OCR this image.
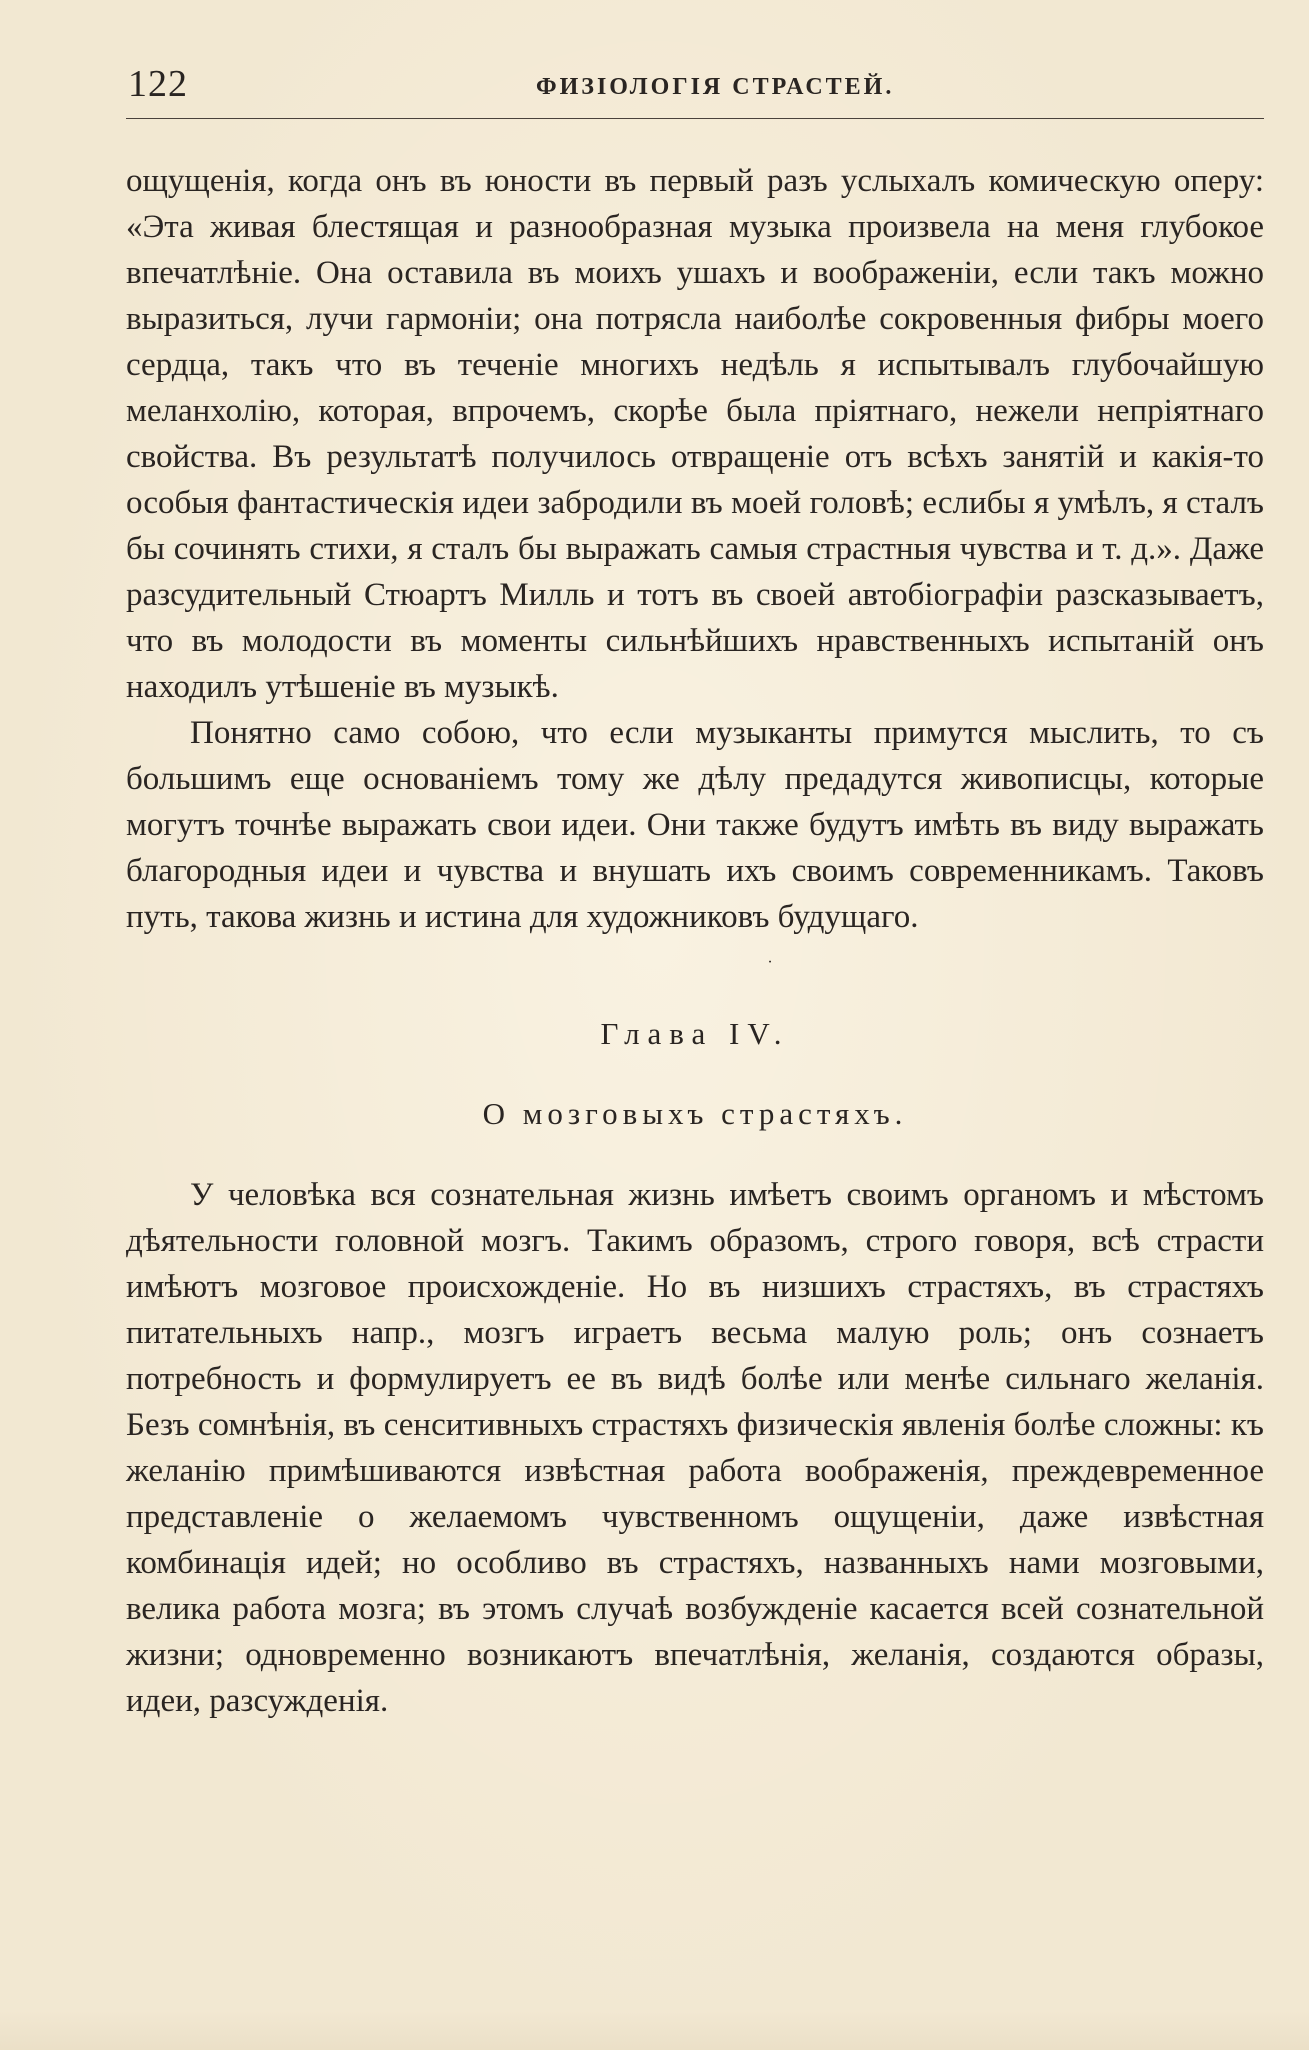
122	ФИЗІОЛОГІЯ СТРАСТЕЙ.

ощущенія, когда онъ въ юности въ первый разъ услыхалъ комическую оперу: «Эта живая блестящая и разнообразная музыка произвела на меня глубокое впечатлѣніе. Она оставила въ моихъ ушахъ и воображеніи, если такъ можно выразиться, лучи гармоніи; она потрясла наиболѣе сокровенныя фибры моего сердца, такъ что въ теченіе многихъ недѣль я испытывалъ глубочайшую меланхолію, которая, впрочемъ, скорѣе была пріятнаго, нежели непріятнаго свойства. Въ результатѣ получилось отвращеніе отъ всѣхъ занятій и какія-то особыя фантастическія идеи забродили въ моей головѣ; еслибы я умѣлъ, я сталъ бы сочинять стихи, я сталъ бы выражать самыя страстныя чувства и т. д.». Даже разсудительный Стюартъ Милль и тотъ въ своей автобіографіи разсказываетъ, что въ молодости въ моменты сильнѣйшихъ нравственныхъ испытаній онъ находилъ утѣшеніе въ музыкѣ.

Понятно само собою, что если музыканты примутся мыслить, то съ большимъ еще основаніемъ тому же дѣлу предадутся живописцы, которые могутъ точнѣе выражать свои идеи. Они также будутъ имѣть въ виду выражать благородныя идеи и чувства и внушать ихъ своимъ современникамъ. Таковъ путь, такова жизнь и истина для художниковъ будущаго.

·
Глава IV.
О мозговыхъ страстяхъ.

У человѣка вся сознательная жизнь имѣетъ своимъ органомъ и мѣстомъ дѣятельности головной мозгъ. Такимъ образомъ, строго говоря, всѣ страсти имѣютъ мозговое происхожденіе. Но въ низшихъ страстяхъ, въ страстяхъ питательныхъ напр., мозгъ играетъ весьма малую роль; онъ сознаетъ потребность и формулируетъ ее въ видѣ болѣе или менѣе сильнаго желанія. Безъ сомнѣнія, въ сенситивныхъ страстяхъ физическія явленія болѣе сложны: къ желанію примѣшиваются извѣстная работа воображенія, преждевременное представленіе о желаемомъ чувственномъ ощущеніи, даже извѣстная комбинація идей; но особливо въ страстяхъ, названныхъ нами мозговыми, велика работа мозга; въ этомъ случаѣ возбужденіе касается всей сознательной жизни; одновременно возникаютъ впечатлѣнія, желанія, создаются образы, идеи, разсужденія.
